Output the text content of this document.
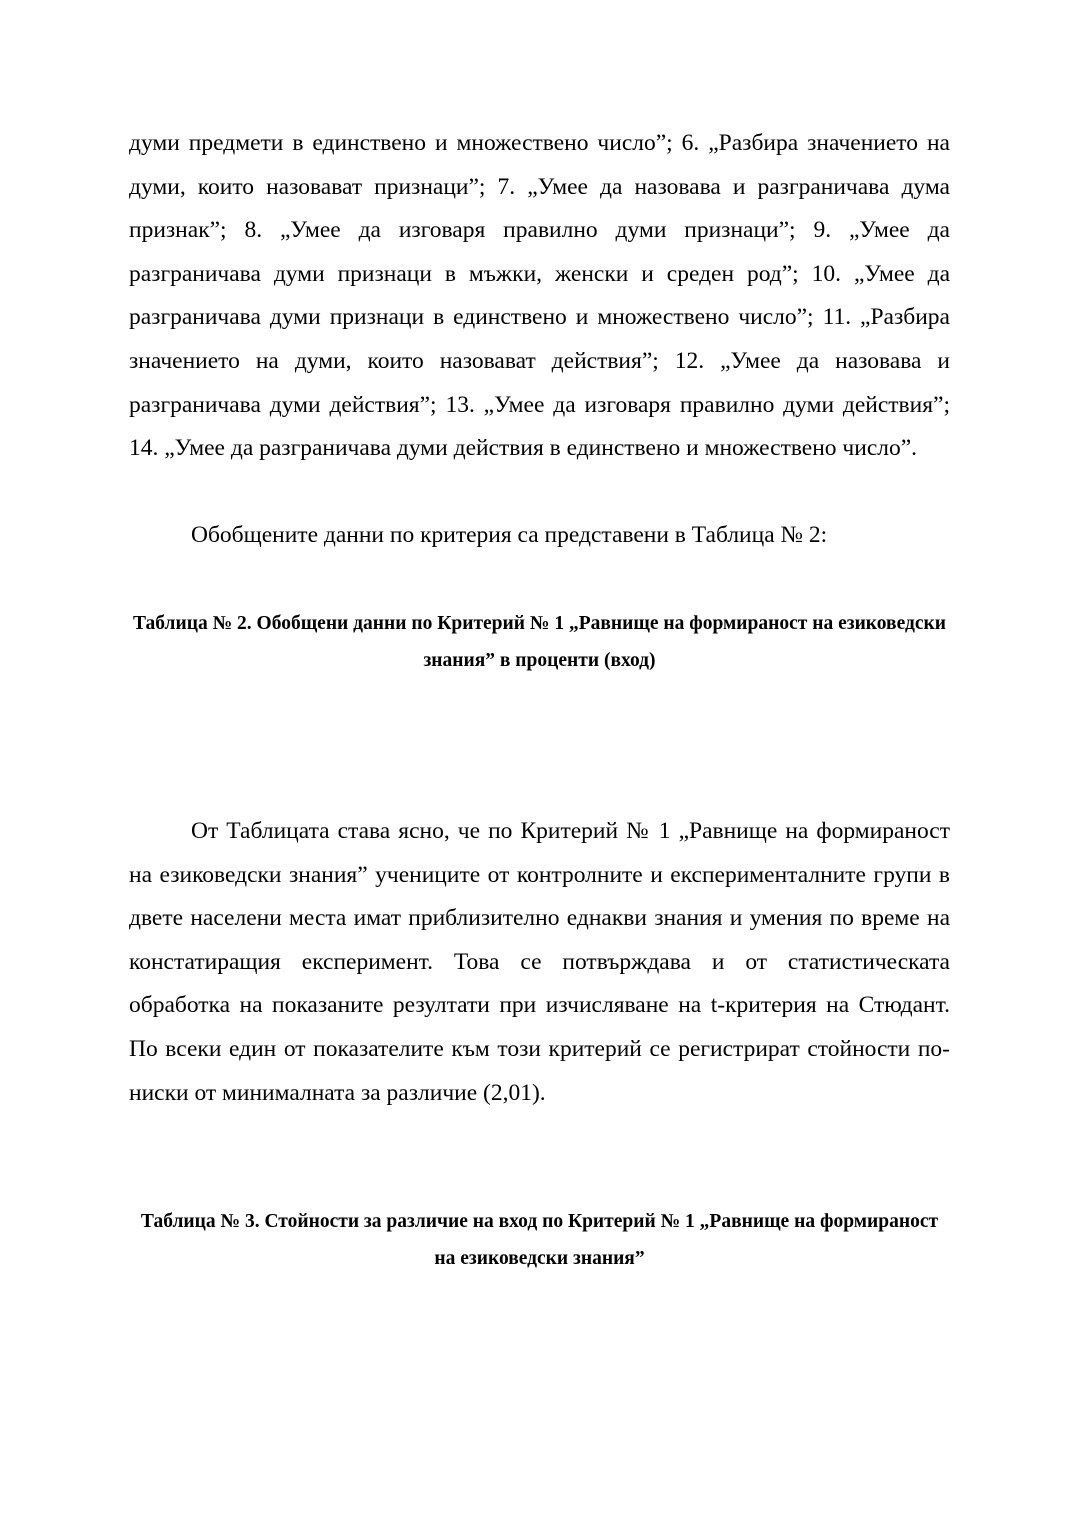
думи предмети в единствено и множествено число”; 6. „Разбира значението на думи, които назовават признаци”; 7. „Умее да назовава и разграничава дума признак”; 8. „Умее да изговаря правилно думи признаци”; 9. „Умее да разграничава думи признаци в мъжки, женски и среден род”; 10. „Умее да разграничава думи признаци в единствено и множествено число”; 11. „Разбира значението на думи, които назовават действия”; 12. „Умее да назовава и разграничава думи действия”; 13. „Умее да изговаря правилно думи действия”; 14. „Умее да разграничава думи действия в единствено и множествено число”.

Обобщените данни по критерия са представени в Таблица № 2:

Таблица № 2. Обобщени данни по Критерий № 1 „Равнище на формираност на езиковедски знания” в проценти (вход)

От Таблицата става ясно, че по Критерий № 1 „Равнище на формираност на езиковедски знания” учениците от контролните и експерименталните групи в двете населени места имат приблизително еднакви знания и умения по време на констатиращия експеримент. Това се потвърждава и от статистическата обработка на показаните резултати при изчисляване на t-критерия на Стюдант. По всеки един от показателите към този критерий се регистрират стойности по-ниски от минималната за различие (2,01).

Таблица № 3. Стойности за различие на вход по Критерий № 1 „Равнище на формираност на езиковедски знания”
